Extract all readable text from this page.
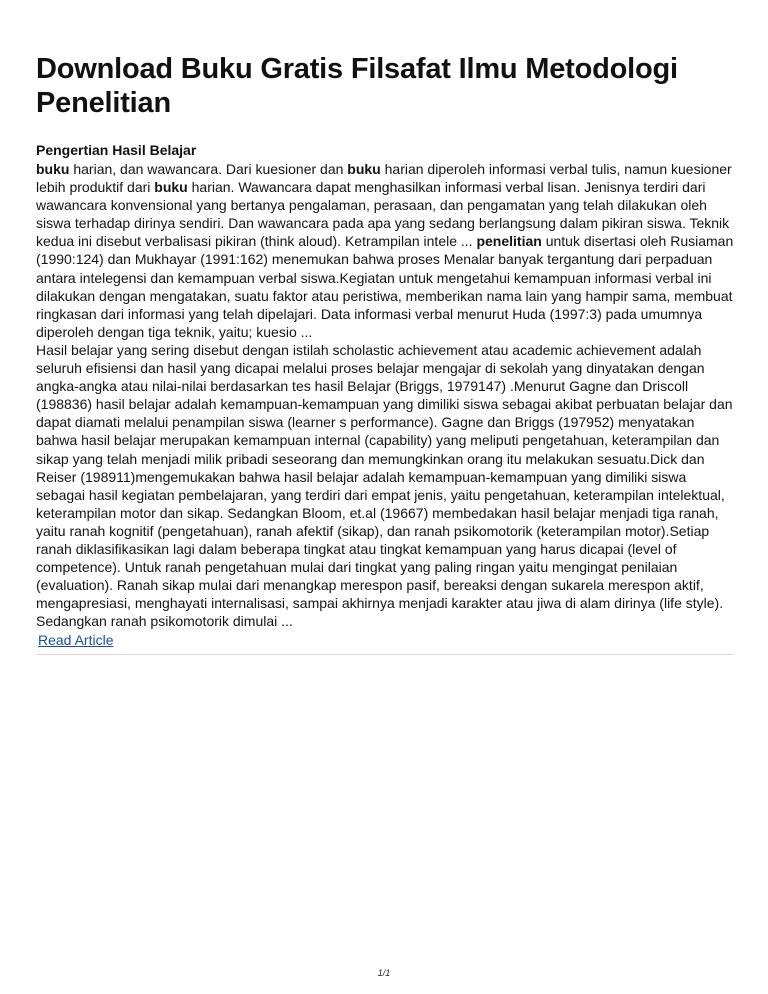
Download Buku Gratis Filsafat Ilmu Metodologi Penelitian
Pengertian Hasil Belajar

buku harian, dan wawancara. Dari kuesioner dan buku harian diperoleh informasi verbal tulis, namun kuesioner lebih produktif dari buku harian. Wawancara dapat menghasilkan informasi verbal lisan. Jenisnya terdiri dari wawancara konvensional yang bertanya pengalaman, perasaan, dan pengamatan yang telah dilakukan oleh siswa terhadap dirinya sendiri. Dan wawancara pada apa yang sedang berlangsung dalam pikiran siswa. Teknik kedua ini disebut verbalisasi pikiran (think aloud). Ketrampilan intele ... penelitian untuk disertasi oleh Rusiaman (1990:124) dan Mukhayar (1991:162) menemukan bahwa proses Menalar banyak tergantung dari perpaduan antara intelegensi dan kemampuan verbal siswa.Kegiatan untuk mengetahui kemampuan informasi verbal ini dilakukan dengan mengatakan, suatu faktor atau peristiwa, memberikan nama lain yang hampir sama, membuat ringkasan dari informasi yang telah dipelajari. Data informasi verbal menurut Huda (1997:3) pada umumnya diperoleh dengan tiga teknik, yaitu; kuesio ...

Hasil belajar yang sering disebut dengan istilah scholastic achievement atau academic achievement adalah seluruh efisiensi dan hasil yang dicapai melalui proses belajar mengajar di sekolah yang dinyatakan dengan angka-angka atau nilai-nilai berdasarkan tes hasil Belajar (Briggs, 1979147) .Menurut Gagne dan Driscoll (198836) hasil belajar adalah kemampuan-kemampuan yang dimiliki siswa sebagai akibat perbuatan belajar dan dapat diamati melalui penampilan siswa (learner s performance). Gagne dan Briggs (197952) menyatakan bahwa hasil belajar merupakan kemampuan internal (capability) yang meliputi pengetahuan, keterampilan dan sikap yang telah menjadi milik pribadi seseorang dan memungkinkan orang itu melakukan sesuatu.Dick dan Reiser (198911)mengemukakan bahwa hasil belajar adalah kemampuan-kemampuan yang dimiliki siswa sebagai hasil kegiatan pembelajaran, yang terdiri dari empat jenis, yaitu pengetahuan, keterampilan intelektual, keterampilan motor dan sikap. Sedangkan Bloom, et.al (19667) membedakan hasil belajar menjadi tiga ranah, yaitu ranah kognitif (pengetahuan), ranah afektif (sikap), dan ranah psikomotorik (keterampilan motor).Setiap ranah diklasifikasikan lagi dalam beberapa tingkat atau tingkat kemampuan yang harus dicapai (level of competence). Untuk ranah pengetahuan mulai dari tingkat yang paling ringan yaitu mengingat penilaian (evaluation). Ranah sikap mulai dari menangkap merespon pasif, bereaksi dengan sukarela merespon aktif, mengapresiasi, menghayati internalisasi, sampai akhirnya menjadi karakter atau jiwa di alam dirinya (life style). Sedangkan ranah psikomotorik dimulai ...

Read Article
1/1
